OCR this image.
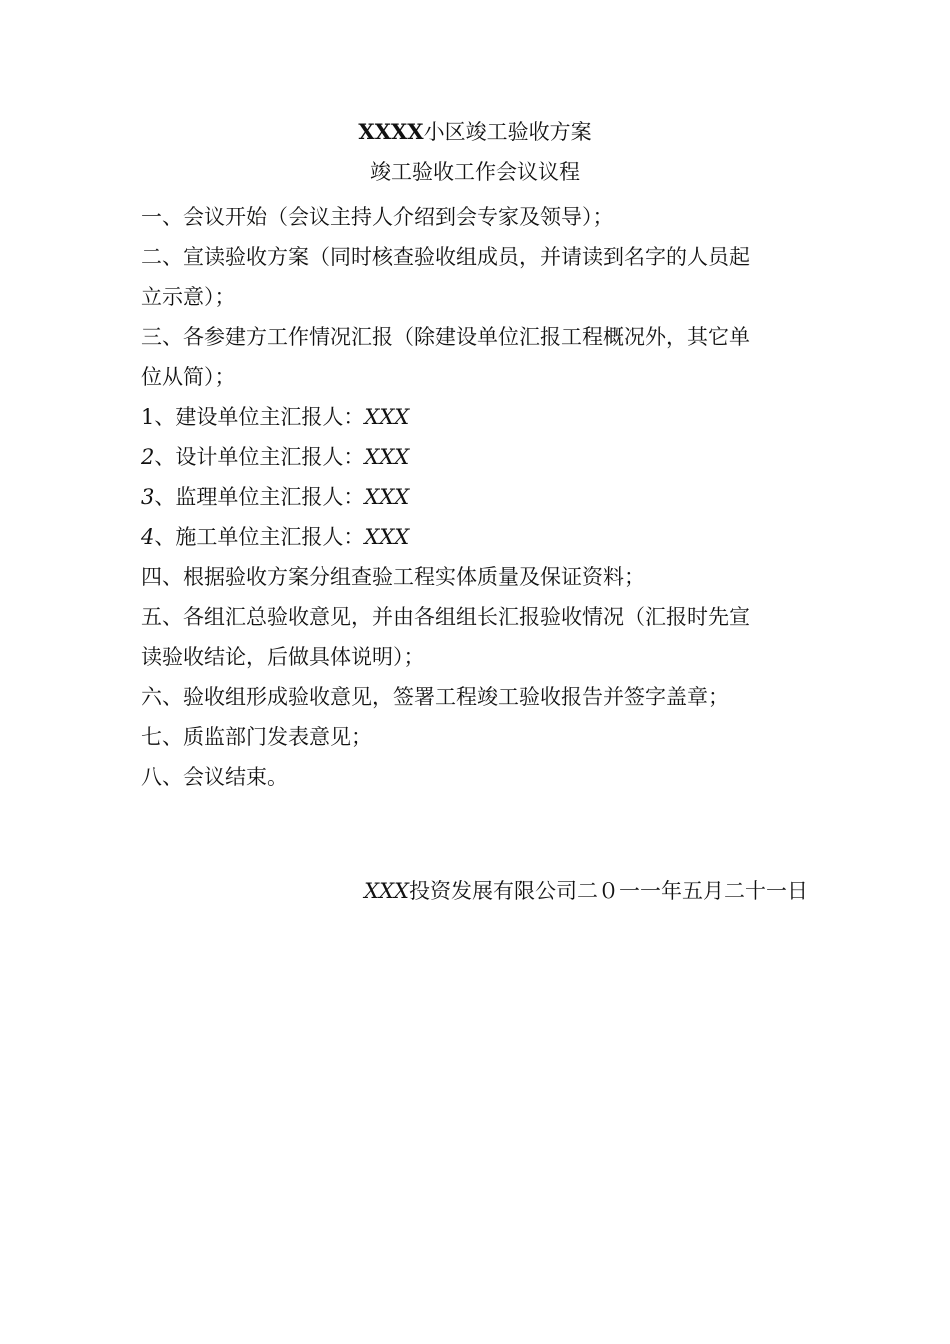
XXXX小区竣工验收方案
竣工验收工作会议议程
一、会议开始（会议主持人介绍到会专家及领导）；
二、宣读验收方案（同时核查验收组成员，并请读到名字的人员起
立示意）；
三、各参建方工作情况汇报（除建设单位汇报工程概况外，其它单
位从简）；
1、建设单位主汇报人：XXX
2、设计单位主汇报人：XXX
3、监理单位主汇报人：XXX
4、施工单位主汇报人：XXX
四、根据验收方案分组查验工程实体质量及保证资料；
五、各组汇总验收意见，并由各组组长汇报验收情况（汇报时先宣
读验收结论，后做具体说明）；
六、验收组形成验收意见，签署工程竣工验收报告并签字盖章；
七、质监部门发表意见；
八、会议结束。
XXX投资发展有限公司二０一一年五月二十一日
